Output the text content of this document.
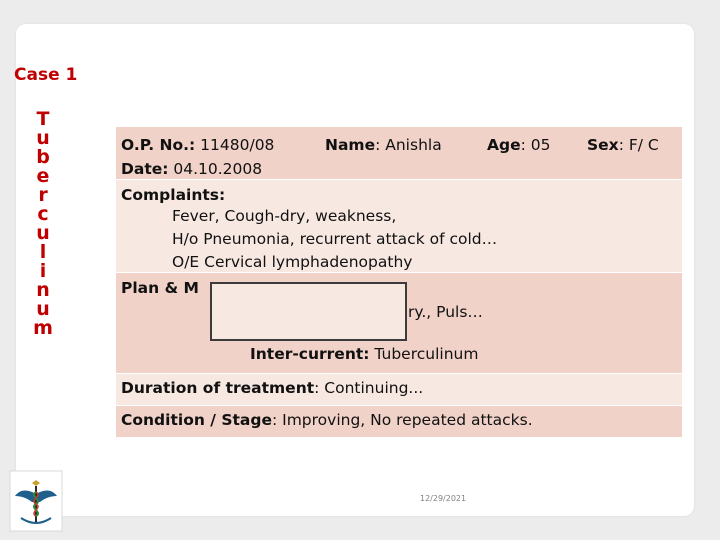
Case 1
T
u
b
e
r
c
u
l
i
n
u
m
O.P. No.: 11480/08	Name: Anishla	Age: 05 Sex: F/ C
Date: 04.10.2008
Complaints:
Fever, Cough-dry, weakness,
H/o Pneumonia, recurrent attack of cold…
O/E Cervical lymphadenopathy
Plan & M
ry., Puls…
Inter-current: Tuberculinum
Duration of treatment: Continuing...
Condition / Stage: Improving, No repeated attacks.
12/29/2021
